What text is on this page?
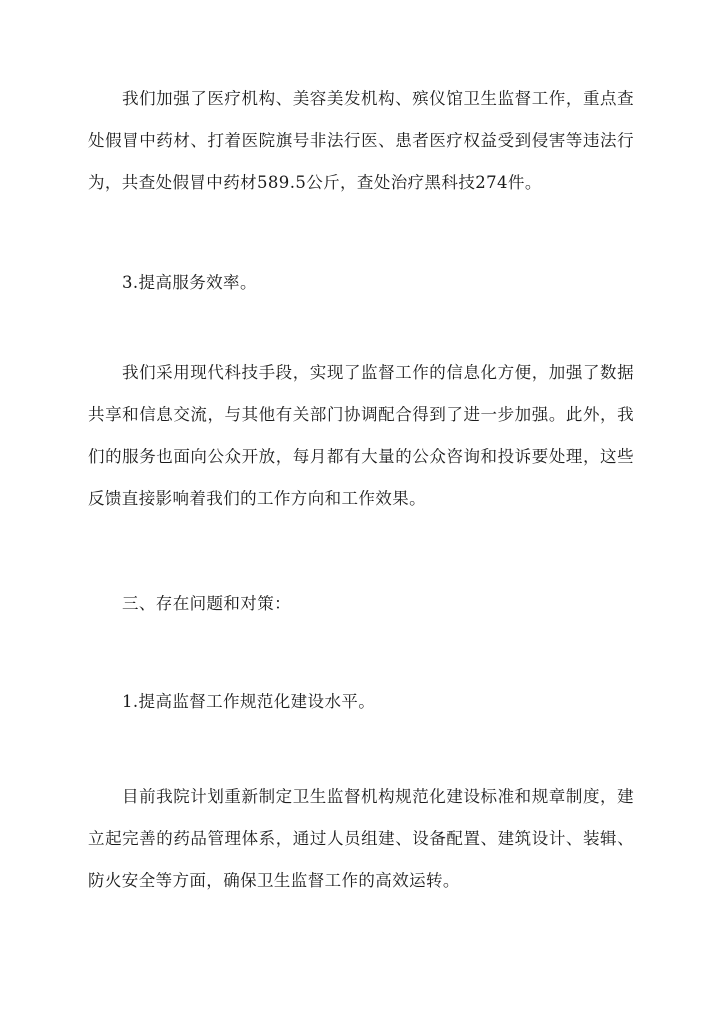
我们加强了医疗机构、美容美发机构、殡仪馆卫生监督工作，重点查处假冒中药材、打着医院旗号非法行医、患者医疗权益受到侵害等违法行为，共查处假冒中药材589.5公斤，查处治疗黑科技274件。

3.提高服务效率。

我们采用现代科技手段，实现了监督工作的信息化方便，加强了数据共享和信息交流，与其他有关部门协调配合得到了进一步加强。此外，我们的服务也面向公众开放，每月都有大量的公众咨询和投诉要处理，这些反馈直接影响着我们的工作方向和工作效果。

三、存在问题和对策：

1.提高监督工作规范化建设水平。

目前我院计划重新制定卫生监督机构规范化建设标准和规章制度，建立起完善的药品管理体系，通过人员组建、设备配置、建筑设计、装辑、防火安全等方面，确保卫生监督工作的高效运转。
